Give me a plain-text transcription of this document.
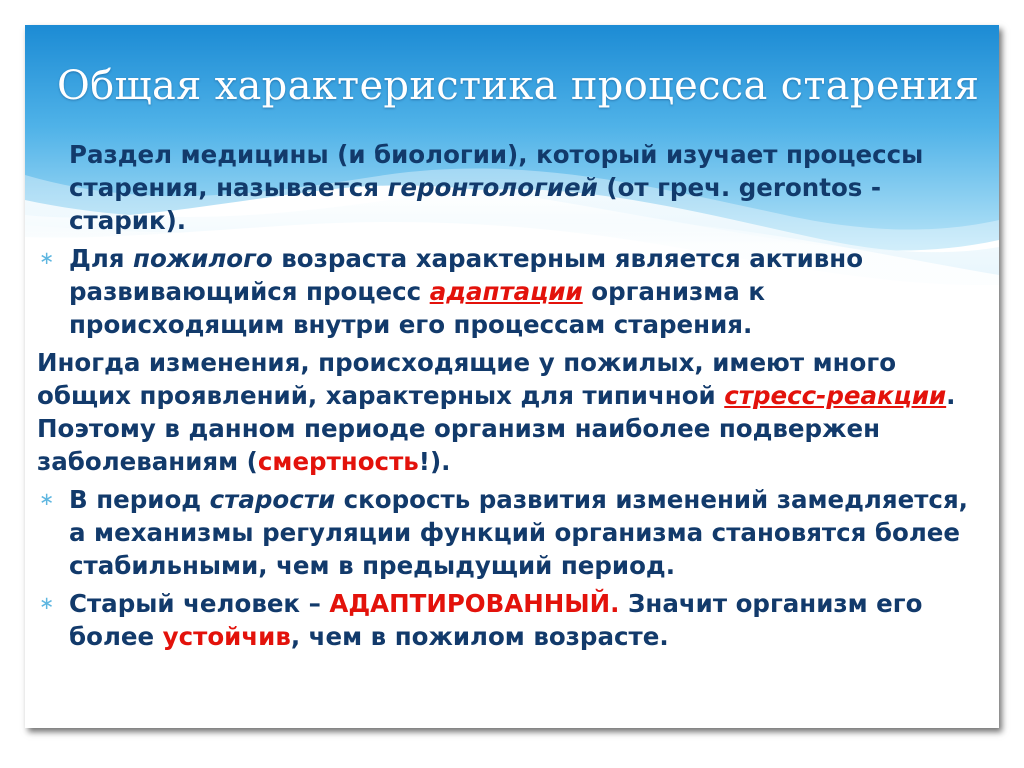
Общая характеристика процесса старения
Раздел медицины (и биологии), который изучает процессы старения, называется геронтологией (от греч. gerontos - старик).
∗ Для пожилого возраста характерным является активно развивающийся процесс адаптации организма к происходящим внутри его процессам старения.
Иногда изменения, происходящие у пожилых, имеют много общих проявлений, характерных для типичной стресс-реакции. Поэтому в данном периоде организм наиболее подвержен заболеваниям (смертность!).
∗ В период старости скорость развития изменений замедляется, а механизмы регуляции функций организма становятся более стабильными, чем в предыдущий период.
∗ Старый человек – АДАПТИРОВАННЫЙ. Значит организм его более устойчив, чем в пожилом возрасте.
